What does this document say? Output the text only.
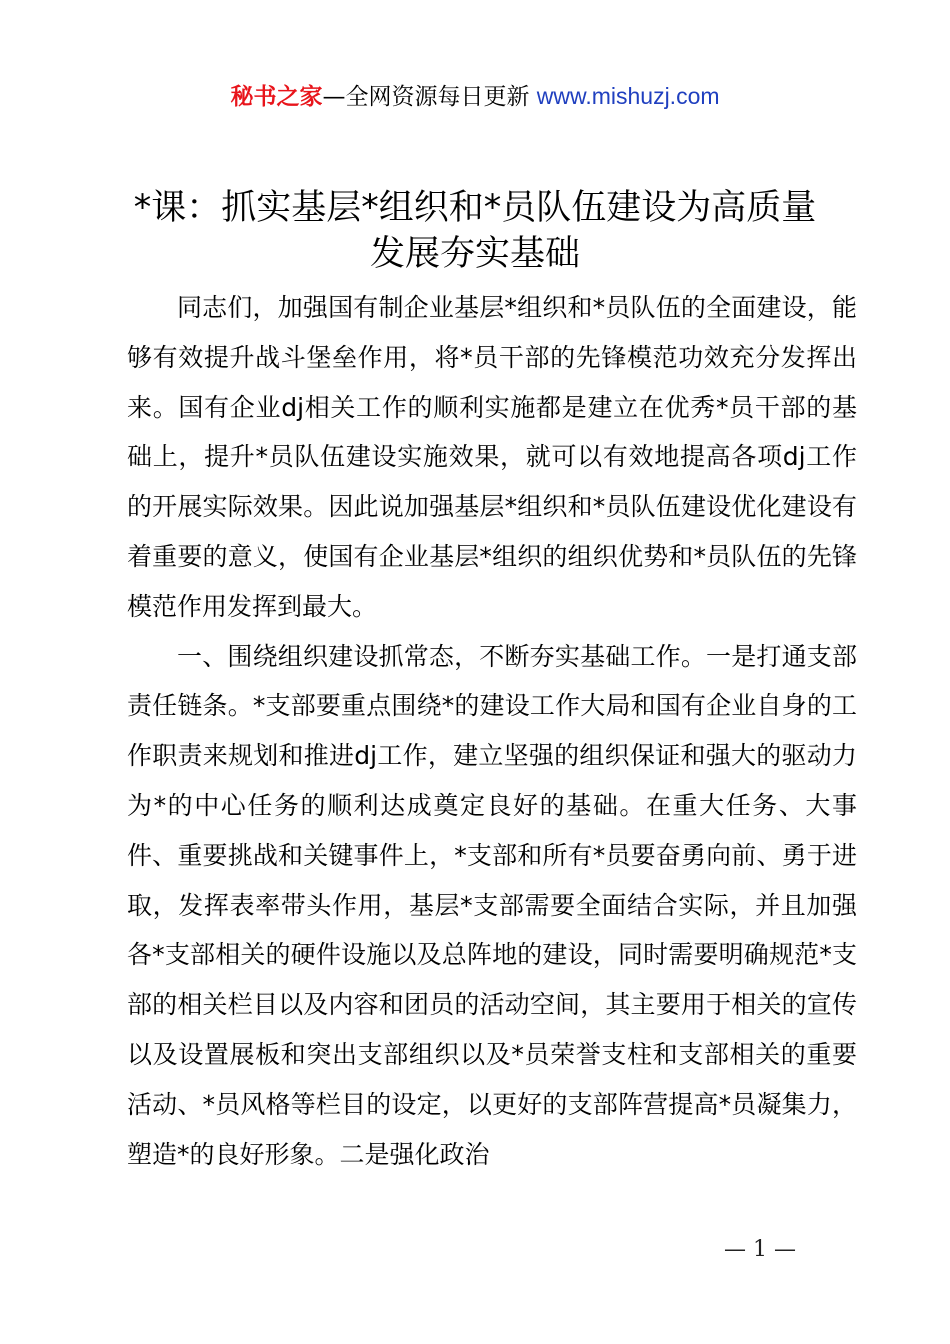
秘书之家—全网资源每日更新 www.mishuzj.com
*课：抓实基层*组织和*员队伍建设为高质量
发展夯实基础

同志们，加强国有制企业基层*组织和*员队伍的全面建设，能够有效提升战斗堡垒作用，将*员干部的先锋模范功效充分发挥出来。国有企业dj相关工作的顺利实施都是建立在优秀*员干部的基础上，提升*员队伍建设实施效果，就可以有效地提高各项dj工作的开展实际效果。因此说加强基层*组织和*员队伍建设优化建设有着重要的意义，使国有企业基层*组织的组织优势和*员队伍的先锋模范作用发挥到最大。

一、围绕组织建设抓常态，不断夯实基础工作。一是打通支部责任链条。*支部要重点围绕*的建设工作大局和国有企业自身的工作职责来规划和推进dj工作，建立坚强的组织保证和强大的驱动力为*的中心任务的顺利达成奠定良好的基础。在重大任务、大事件、重要挑战和关键事件上，*支部和所有*员要奋勇向前、勇于进取，发挥表率带头作用，基层*支部需要全面结合实际，并且加强各*支部相关的硬件设施以及总阵地的建设，同时需要明确规范*支部的相关栏目以及内容和团员的活动空间，其主要用于相关的宣传以及设置展板和突出支部组织以及*员荣誉支柱和支部相关的重要活动、*员风格等栏目的设定，以更好的支部阵营提高*员凝集力，塑造*的良好形象。二是强化政治

— 1 —
